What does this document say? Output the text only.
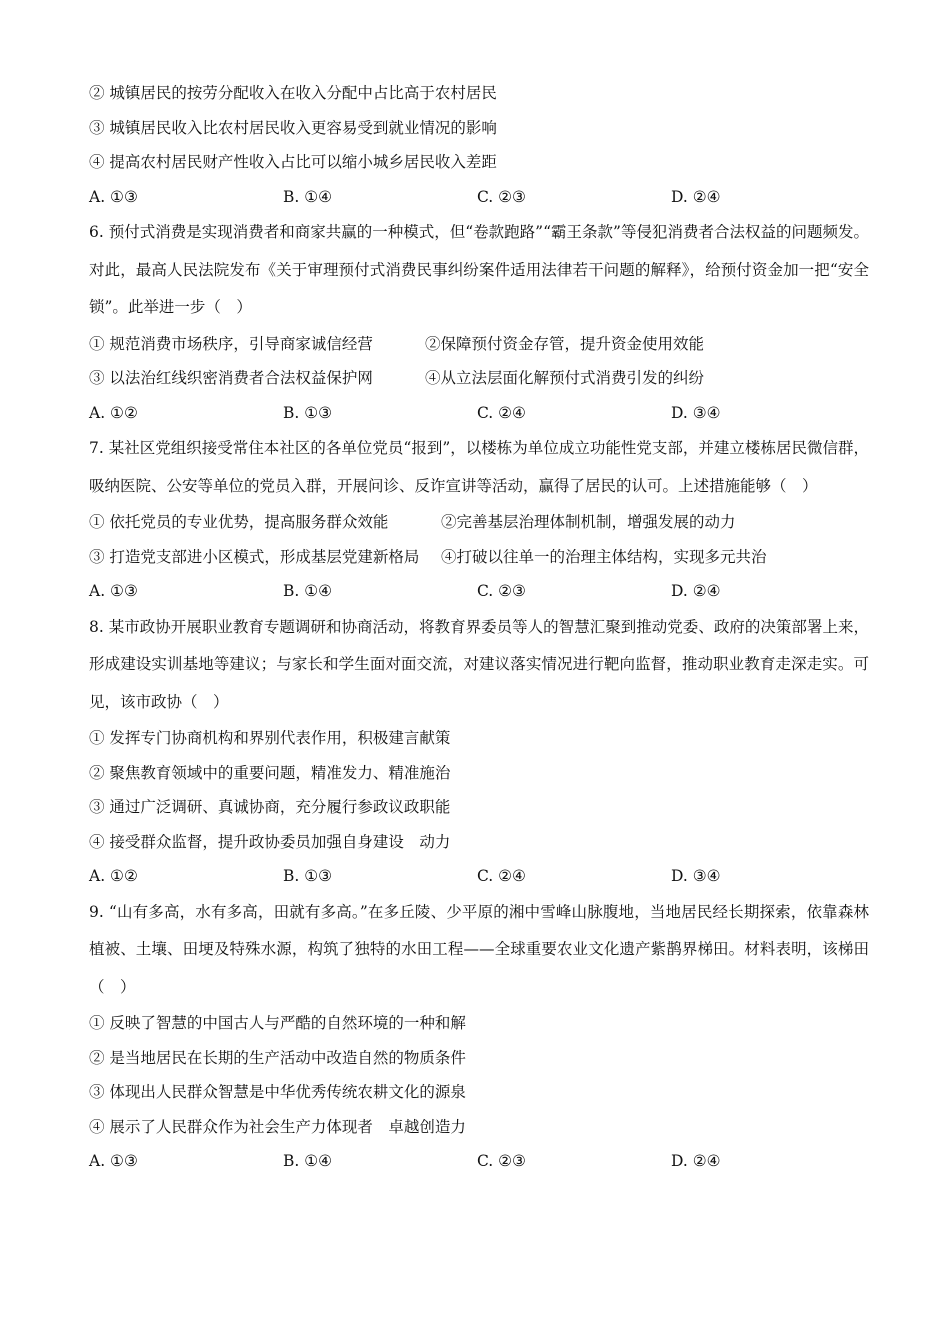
② 城镇居民的按劳分配收入在收入分配中占比高于农村居民
③ 城镇居民收入比农村居民收入更容易受到就业情况的影响
④ 提高农村居民财产性收入占比可以缩小城乡居民收入差距
A. ①③	B. ①④	C. ②③	D. ②④
6. 预付式消费是实现消费者和商家共赢的一种模式，但“卷款跑路”“霸王条款”等侵犯消费者合法权益的问题频发。对此，最高人民法院发布《关于审理预付式消费民事纠纷案件适用法律若干问题的解释》，给预付资金加一把“安全锁”。此举进一步（　）
① 规范消费市场秩序，引导商家诚信经营	②保障预付资金存管，提升资金使用效能
③ 以法治红线织密消费者合法权益保护网	④从立法层面化解预付式消费引发的纠纷
A. ①②	B. ①③	C. ②④	D. ③④
7. 某社区党组织接受常住本社区的各单位党员“报到”，以楼栋为单位成立功能性党支部，并建立楼栋居民微信群，吸纳医院、公安等单位的党员入群，开展问诊、反诈宣讲等活动，赢得了居民的认可。上述措施能够（　）
① 依托党员的专业优势，提高服务群众效能	②完善基层治理体制机制，增强发展的动力
③ 打造党支部进小区模式，形成基层党建新格局	④打破以往单一的治理主体结构，实现多元共治
A. ①③	B. ①④	C. ②③	D. ②④
8. 某市政协开展职业教育专题调研和协商活动，将教育界委员等人的智慧汇聚到推动党委、政府的决策部署上来，形成建设实训基地等建议；与家长和学生面对面交流，对建议落实情况进行靶向监督，推动职业教育走深走实。可见，该市政协（　）
① 发挥专门协商机构和界别代表作用，积极建言献策
② 聚焦教育领域中的重要问题，精准发力、精准施治
③ 通过广泛调研、真诚协商，充分履行参政议政职能
④ 接受群众监督，提升政协委员加强自身建设　动力
A. ①②	B. ①③	C. ②④	D. ③④
9. “山有多高，水有多高，田就有多高。”在多丘陵、少平原的湘中雪峰山脉腹地，当地居民经长期探索，依靠森林植被、土壤、田埂及特殊水源，构筑了独特的水田工程——全球重要农业文化遗产紫鹊界梯田。材料表明，该梯田（　）
① 反映了智慧的中国古人与严酷的自然环境的一种和解
② 是当地居民在长期的生产活动中改造自然的物质条件
③ 体现出人民群众智慧是中华优秀传统农耕文化的源泉
④ 展示了人民群众作为社会生产力体现者　卓越创造力
A. ①③	B. ①④	C. ②③	D. ②④
